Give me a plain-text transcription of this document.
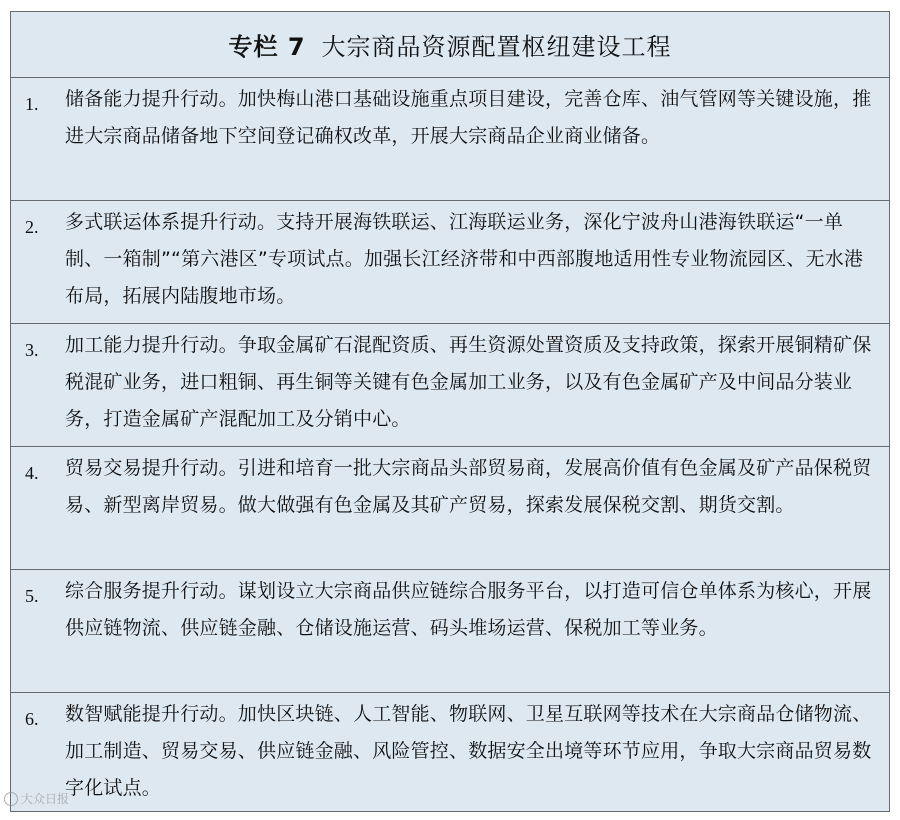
专栏 7 大宗商品资源配置枢纽建设工程
1. 储备能力提升行动。加快梅山港口基础设施重点项目建设，完善仓库、油气管网等关键设施，推进大宗商品储备地下空间登记确权改革，开展大宗商品企业商业储备。
2. 多式联运体系提升行动。支持开展海铁联运、江海联运业务，深化宁波舟山港海铁联运“一单制、一箱制”“第六港区”专项试点。加强长江经济带和中西部腹地适用性专业物流园区、无水港布局，拓展内陆腹地市场。
3. 加工能力提升行动。争取金属矿石混配资质、再生资源处置资质及支持政策，探索开展铜精矿保税混矿业务，进口粗铜、再生铜等关键有色金属加工业务，以及有色金属矿产及中间品分装业务，打造金属矿产混配加工及分销中心。
4. 贸易交易提升行动。引进和培育一批大宗商品头部贸易商，发展高价值有色金属及矿产品保税贸易、新型离岸贸易。做大做强有色金属及其矿产贸易，探索发展保税交割、期货交割。
5. 综合服务提升行动。谋划设立大宗商品供应链综合服务平台，以打造可信仓单体系为核心，开展供应链物流、供应链金融、仓储设施运营、码头堆场运营、保税加工等业务。
6. 数智赋能提升行动。加快区块链、人工智能、物联网、卫星互联网等技术在大宗商品仓储物流、加工制造、贸易交易、供应链金融、风险管控、数据安全出境等环节应用，争取大宗商品贸易数字化试点。
大众日报
